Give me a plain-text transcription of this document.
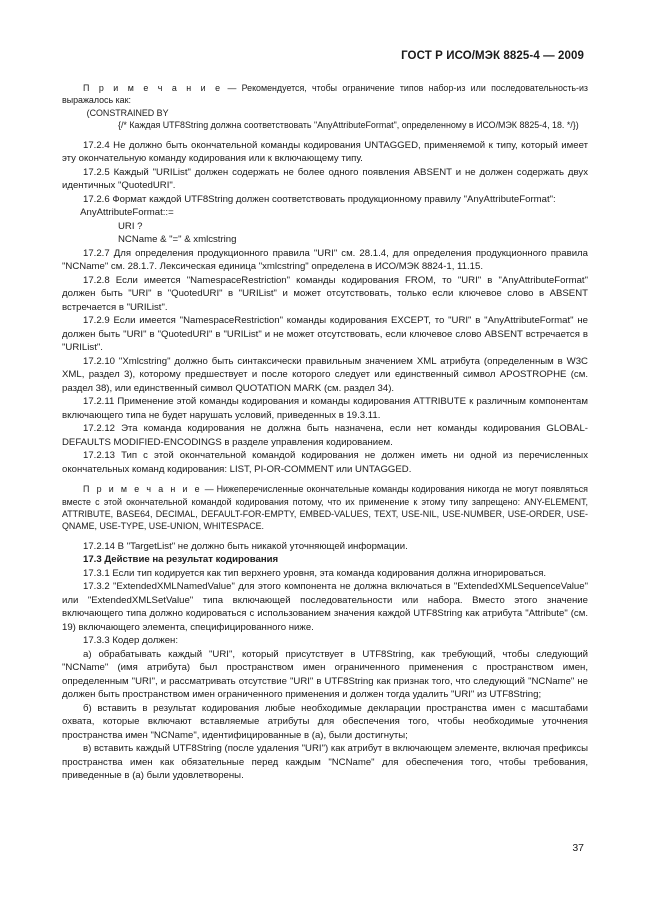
ГОСТ Р ИСО/МЭК 8825-4 — 2009

П р и м е ч а н и е — Рекомендуется, чтобы ограничение типов набор-из или последовательность-из выражалось как:

(CONSTRAINED BY

{/* Каждая UTF8String должна соответствовать "AnyAttributeFormat", определенному в ИСО/МЭК 8825-4, 18. */})

17.2.4 Не должно быть окончательной команды кодирования UNTAGGED, применяемой к типу, который имеет эту окончательную команду кодирования или к включающему типу.

17.2.5 Каждый "URIList" должен содержать не более одного появления ABSENT и не должен содержать двух идентичных "QuotedURI".

17.2.6 Формат каждой UTF8String должен соответствовать продукционному правилу "AnyAttributeFormat":

AnyAttributeFormat::=

URI ?

NCName & "=" & xmlcstring

17.2.7 Для определения продукционного правила "URI" см. 28.1.4, для определения продукционного правила "NCName" см. 28.1.7. Лексическая единица "xmlcstring" определена в ИСО/МЭК 8824-1, 11.15.

17.2.8 Если имеется "NamespaceRestriction" команды кодирования FROM, то "URI" в "AnyAttributeFormat" должен быть "URI" в "QuotedURI" в "URIList" и может отсутствовать, только если ключевое слово в ABSENT встречается в "URIList".

17.2.9 Если имеется "NamespaceRestriction" команды кодирования EXCEPT, то "URI" в "AnyAttributeFormat" не должен быть "URI" в "QuotedURI" в "URIList" и не может отсутствовать, если ключевое слово ABSENT встречается в "URIList".

17.2.10 "Xmlcstring" должно быть синтаксически правильным значением XML атрибута (определенным в W3C XML, раздел 3), которому предшествует и после которого следует или единственный символ APOSTROPHE (см. раздел 38), или единственный символ QUOTATION MARK (см. раздел 34).

17.2.11 Применение этой команды кодирования и команды кодирования ATTRIBUTE к различным компонентам включающего типа не будет нарушать условий, приведенных в 19.3.11.

17.2.12 Эта команда кодирования не должна быть назначена, если нет команды кодирования GLOBAL-DEFAULTS MODIFIED-ENCODINGS в разделе управления кодированием.

17.2.13 Тип с этой окончательной командой кодирования не должен иметь ни одной из перечисленных окончательных команд кодирования: LIST, PI-OR-COMMENT или UNTAGGED.

П р и м е ч а н и е — Нижеперечисленные окончательные команды кодирования никогда не могут появляться вместе с этой окончательной командой кодирования потому, что их применение к этому типу запрещено: ANY-ELEMENT, ATTRIBUTE, BASE64, DECIMAL, DEFAULT-FOR-EMPTY, EMBED-VALUES, TEXT, USE-NIL, USE-NUMBER, USE-ORDER, USE-QNAME, USE-TYPE, USE-UNION, WHITESPACE.

17.2.14 В "TargetList" не должно быть никакой уточняющей информации.

17.3 Действие на результат кодирования

17.3.1 Если тип кодируется как тип верхнего уровня, эта команда кодирования должна игнорироваться.

17.3.2 "ExtendedXMLNamedValue" для этого компонента не должна включаться в "ExtendedXMLSequenceValue" или "ExtendedXMLSetValue" типа включающей последовательности или набора. Вместо этого значение включающего типа должно кодироваться с использованием значения каждой UTF8String как атрибута "Attribute" (см. 19) включающего элемента, специфицированного ниже.

17.3.3 Кодер должен:

а) обрабатывать каждый "URI", который присутствует в UTF8String, как требующий, чтобы следующий "NCName" (имя атрибута) был пространством имен ограниченного применения с пространством имен, определенным "URI", и рассматривать отсутствие "URI" в UTF8String как признак того, что следующий "NCName" не должен быть пространством имен ограниченного применения и должен тогда удалить "URI" из UTF8String;

б) вставить в результат кодирования любые необходимые декларации пространства имен с масштабами охвата, которые включают вставляемые атрибуты для обеспечения того, чтобы необходимые уточнения пространства имен "NCName", идентифицированные в (а), были достигнуты;

в) вставить каждый UTF8String (после удаления "URI") как атрибут в включающем элементе, включая префиксы пространства имен как обязательные перед каждым "NCName" для обеспечения того, чтобы требования, приведенные в (а) были удовлетворены.

37
